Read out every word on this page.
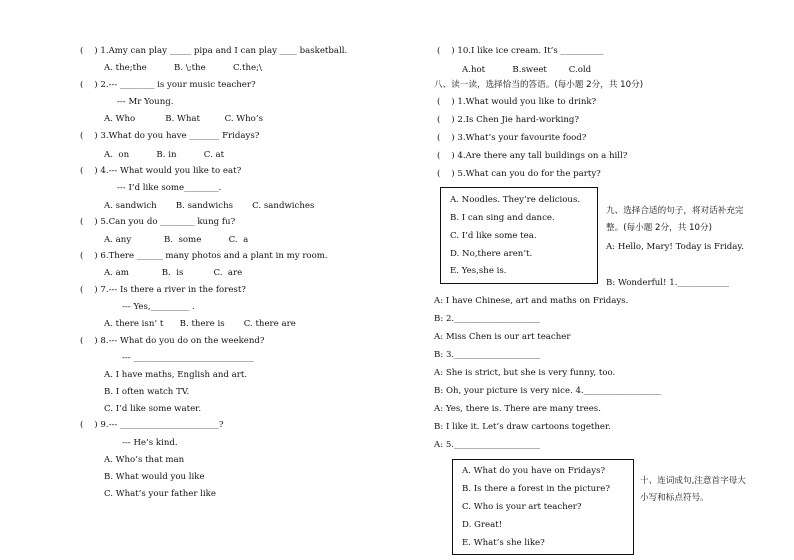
(    ) 1.Amy can play _____ pipa and I can play ____ basketball.
A. the;the          B. \;the          C.the;\
(    ) 2.--- ________ is your music teacher?
--- Mr Young.
A. Who           B. What         C. Who’s
(    ) 3.What do you have _______ Fridays?
A.  on          B. in          C. at
(    ) 4.--- What would you like to eat?
--- I’d like some________.
A. sandwich       B. sandwichs       C. sandwiches
(    ) 5.Can you do ________ kung fu?
A. any            B.  some          C.  a
(    ) 6.There ______ many photos and a plant in my room.
A. am            B.  is           C.  are
(    ) 7.--- Is there a river in the forest?
--- Yes,_________ .
A. there isn’ t      B. there is       C. there are
(    ) 8.--- What do you do on the weekend?
--- ____________________________
A. I have maths, English and art.
B. I often watch TV.
C. I’d like some water.
(    ) 9.--- _______________________?
--- He’s kind.
A. Who’s that man
B. What would you like
C. What’s your father like
(    ) 10.I like ice cream. It’s __________
A.hot          B.sweet        C.old
八、读一读，选择恰当的答语。(每小题 2分，共 10分)
(    ) 1.What would you like to drink?
(    ) 2.Is Chen Jie hard-working?
(    ) 3.What’s your favourite food?
(    ) 4.Are there any tall buildings on a hill?
(    ) 5.What can you do for the party?
A. Noodles. They’re delicious.
B. I can sing and dance.
C. I’d like some tea.
D. No,there aren’t.
E. Yes,she is.
九、选择合适的句子，将对话补充完整。(每小题 2分，共 10分)
A: Hello, Mary! Today is Friday.
B: Wonderful! 1.____________
A: I have Chinese, art and maths on Fridays.
B: 2.____________________
A: Miss Chen is our art teacher
B: 3.____________________
A: She is strict, but she is very funny, too.
B: Oh, your picture is very nice. 4.__________________
A: Yes, there is. There are many trees.
B: I like it. Let’s draw cartoons together.
A: 5.____________________
A. What do you have on Fridays?
B. Is there a forest in the picture?
C. Who is your art teacher?
D. Great!
E. What’s she like?
十、连词成句,注意首字母大小写和标点符号。
